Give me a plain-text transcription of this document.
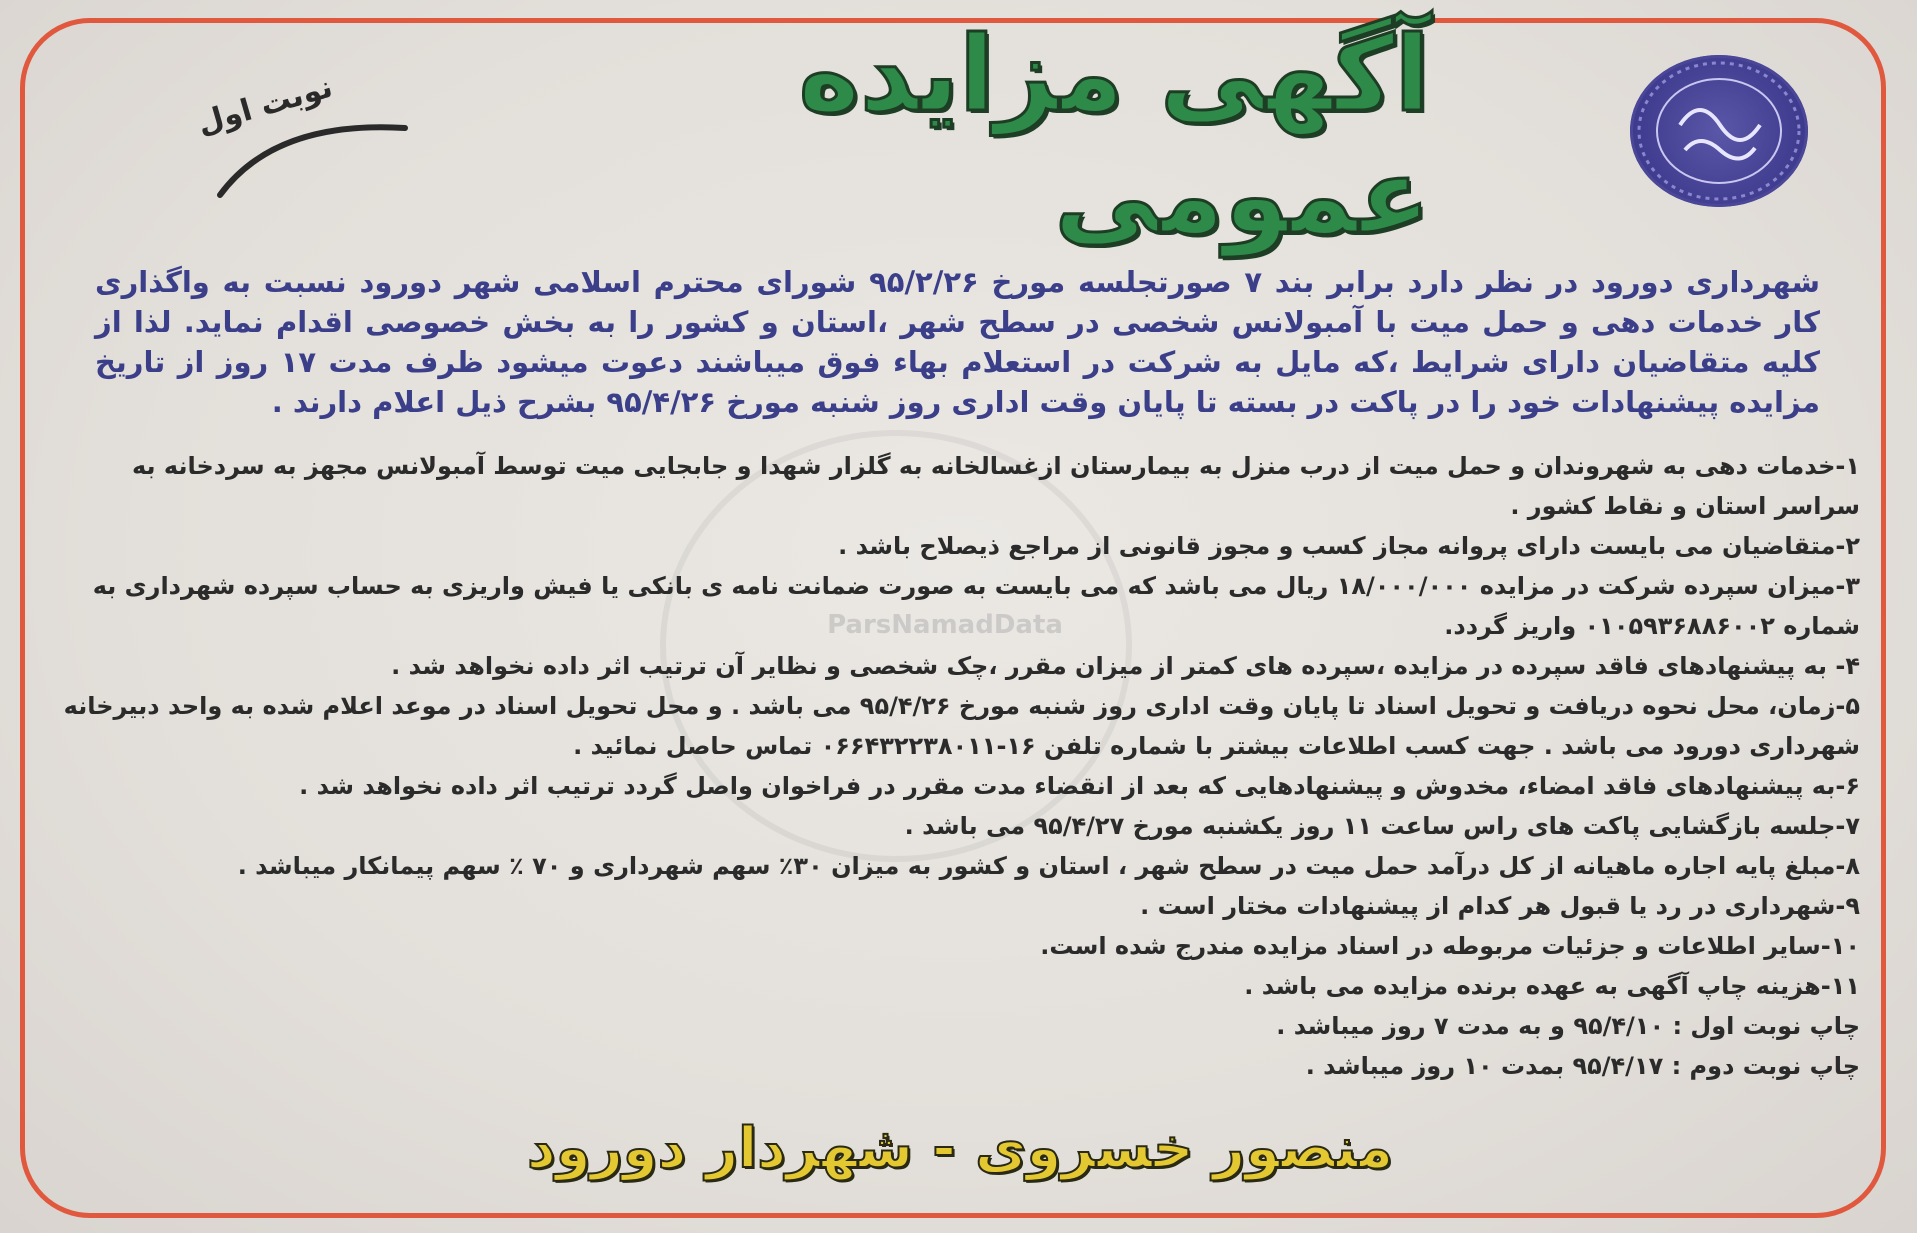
ParsNamadData
آگهی مزایده عمومی
نوبت اول
شهرداری دورود در نظر دارد برابر بند ۷ صورتجلسه مورخ ۹۵/۲/۲۶ شورای محترم اسلامی شهر دورود نسبت به واگذاری کار خدمات دهی و حمل میت با آمبولانس شخصی در سطح شهر ،استان و کشور را به بخش خصوصی اقدام نماید. لذا از کلیه متقاضیان دارای شرایط ،که مایل به شرکت در استعلام بهاء فوق میباشند دعوت میشود ظرف مدت ۱۷ روز از تاریخ مزایده پیشنهادات خود را در پاکت در بسته تا پایان وقت اداری روز شنبه مورخ ۹۵/۴/۲۶ بشرح ذیل اعلام دارند .

۱-خدمات دهی به شهروندان و حمل میت از درب منزل به بیمارستان ازغسالخانه به گلزار شهدا و جابجایی میت توسط آمبولانس مجهز به سردخانه به سراسر استان و نقاط کشور .

۲-متقاضیان می بایست دارای پروانه مجاز کسب و مجوز قانونی از مراجع ذیصلاح باشد .

۳-میزان سپرده شرکت در مزایده ۱۸/۰۰۰/۰۰۰ ریال می باشد که می بایست به صورت ضمانت نامه ی بانکی یا فیش واریزی به حساب سپرده شهرداری به شماره ۰۱۰۵۹۳۶۸۸۶۰۰۲ واریز گردد.

۴- به پیشنهادهای فاقد سپرده در مزایده ،سپرده های کمتر از میزان مقرر ،چک شخصی و نظایر آن ترتیب اثر داده نخواهد شد .

۵-زمان، محل نحوه دریافت و تحویل اسناد تا پایان وقت اداری روز شنبه مورخ ۹۵/۴/۲۶ می باشد . و محل تحویل اسناد در موعد اعلام شده به واحد دبیرخانه شهرداری دورود می باشد . جهت کسب اطلاعات بیشتر با شماره تلفن ۱۶-۰۶۶۴۳۲۲۳۸۰۱۱ تماس حاصل نمائید .

۶-به پیشنهادهای فاقد امضاء، مخدوش و پیشنهادهایی که بعد از انقضاء مدت مقرر در فراخوان واصل گردد ترتیب اثر داده نخواهد شد .

۷-جلسه بازگشایی پاکت های راس ساعت ۱۱ روز یکشنبه مورخ ۹۵/۴/۲۷ می باشد .

۸-مبلغ پایه اجاره ماهیانه از کل درآمد حمل میت در سطح شهر ، استان و کشور به میزان ۳۰٪ سهم شهرداری و ۷۰ ٪ سهم پیمانکار میباشد .

۹-شهرداری در رد یا قبول هر کدام از پیشنهادات مختار است .

۱۰-سایر اطلاعات و جزئیات مربوطه در اسناد مزایده مندرج شده است.

۱۱-هزینه چاپ آگهی به عهده برنده مزایده می باشد .

چاپ نوبت اول : ۹۵/۴/۱۰ و به مدت ۷ روز میباشد .

چاپ نوبت دوم : ۹۵/۴/۱۷ بمدت ۱۰ روز میباشد .

منصور خسروی - شهردار دورود
